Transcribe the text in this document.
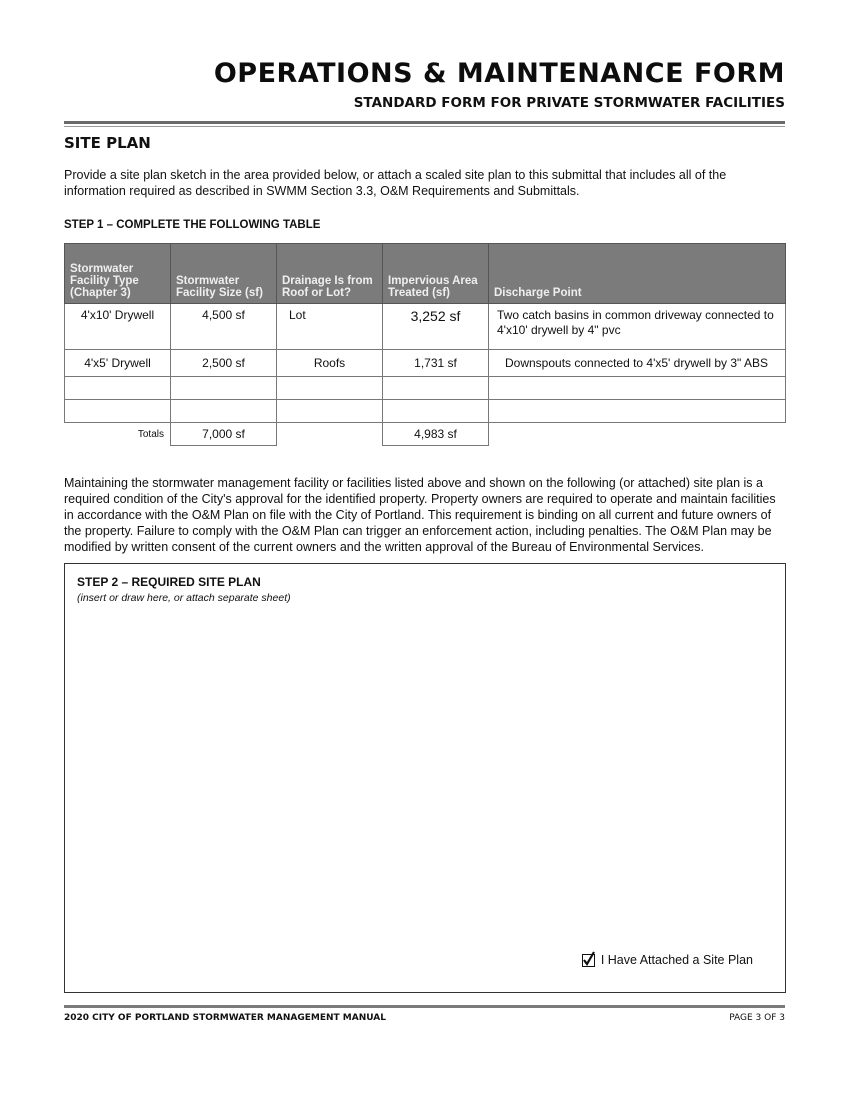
OPERATIONS & MAINTENANCE FORM
STANDARD FORM FOR PRIVATE STORMWATER FACILITIES
SITE PLAN
Provide a site plan sketch in the area provided below, or attach a scaled site plan to this submittal that includes all of the information required as described in SWMM Section 3.3, O&M Requirements and Submittals.
STEP 1 – COMPLETE THE FOLLOWING TABLE
Stormwater Facility Type (Chapter 3)	Stormwater Facility Size (sf)	Drainage Is from Roof or Lot?	Impervious Area Treated (sf)	Discharge Point
4'x10' Drywell	4,500 sf	Lot	3,252 sf	Two catch basins in common driveway connected to 4'x10' drywell by 4" pvc
4'x5' Drywell	2,500 sf	Roofs	1,731 sf	Downspouts connected to 4'x5' drywell by 3" ABS

Totals	7,000 sf		4,983 sf	
Maintaining the stormwater management facility or facilities listed above and shown on the following (or attached) site plan is a required condition of the City's approval for the identified property. Property owners are required to operate and maintain facilities in accordance with the O&M Plan on file with the City of Portland. This requirement is binding on all current and future owners of the property. Failure to comply with the O&M Plan can trigger an enforcement action, including penalties. The O&M Plan may be modified by written consent of the current owners and the written approval of the Bureau of Environmental Services.
STEP 2 – REQUIRED SITE PLAN
(insert or draw here, or attach separate sheet)
I Have Attached a Site Plan
2020 CITY OF PORTLAND STORMWATER MANAGEMENT MANUAL	PAGE 3 OF 3
